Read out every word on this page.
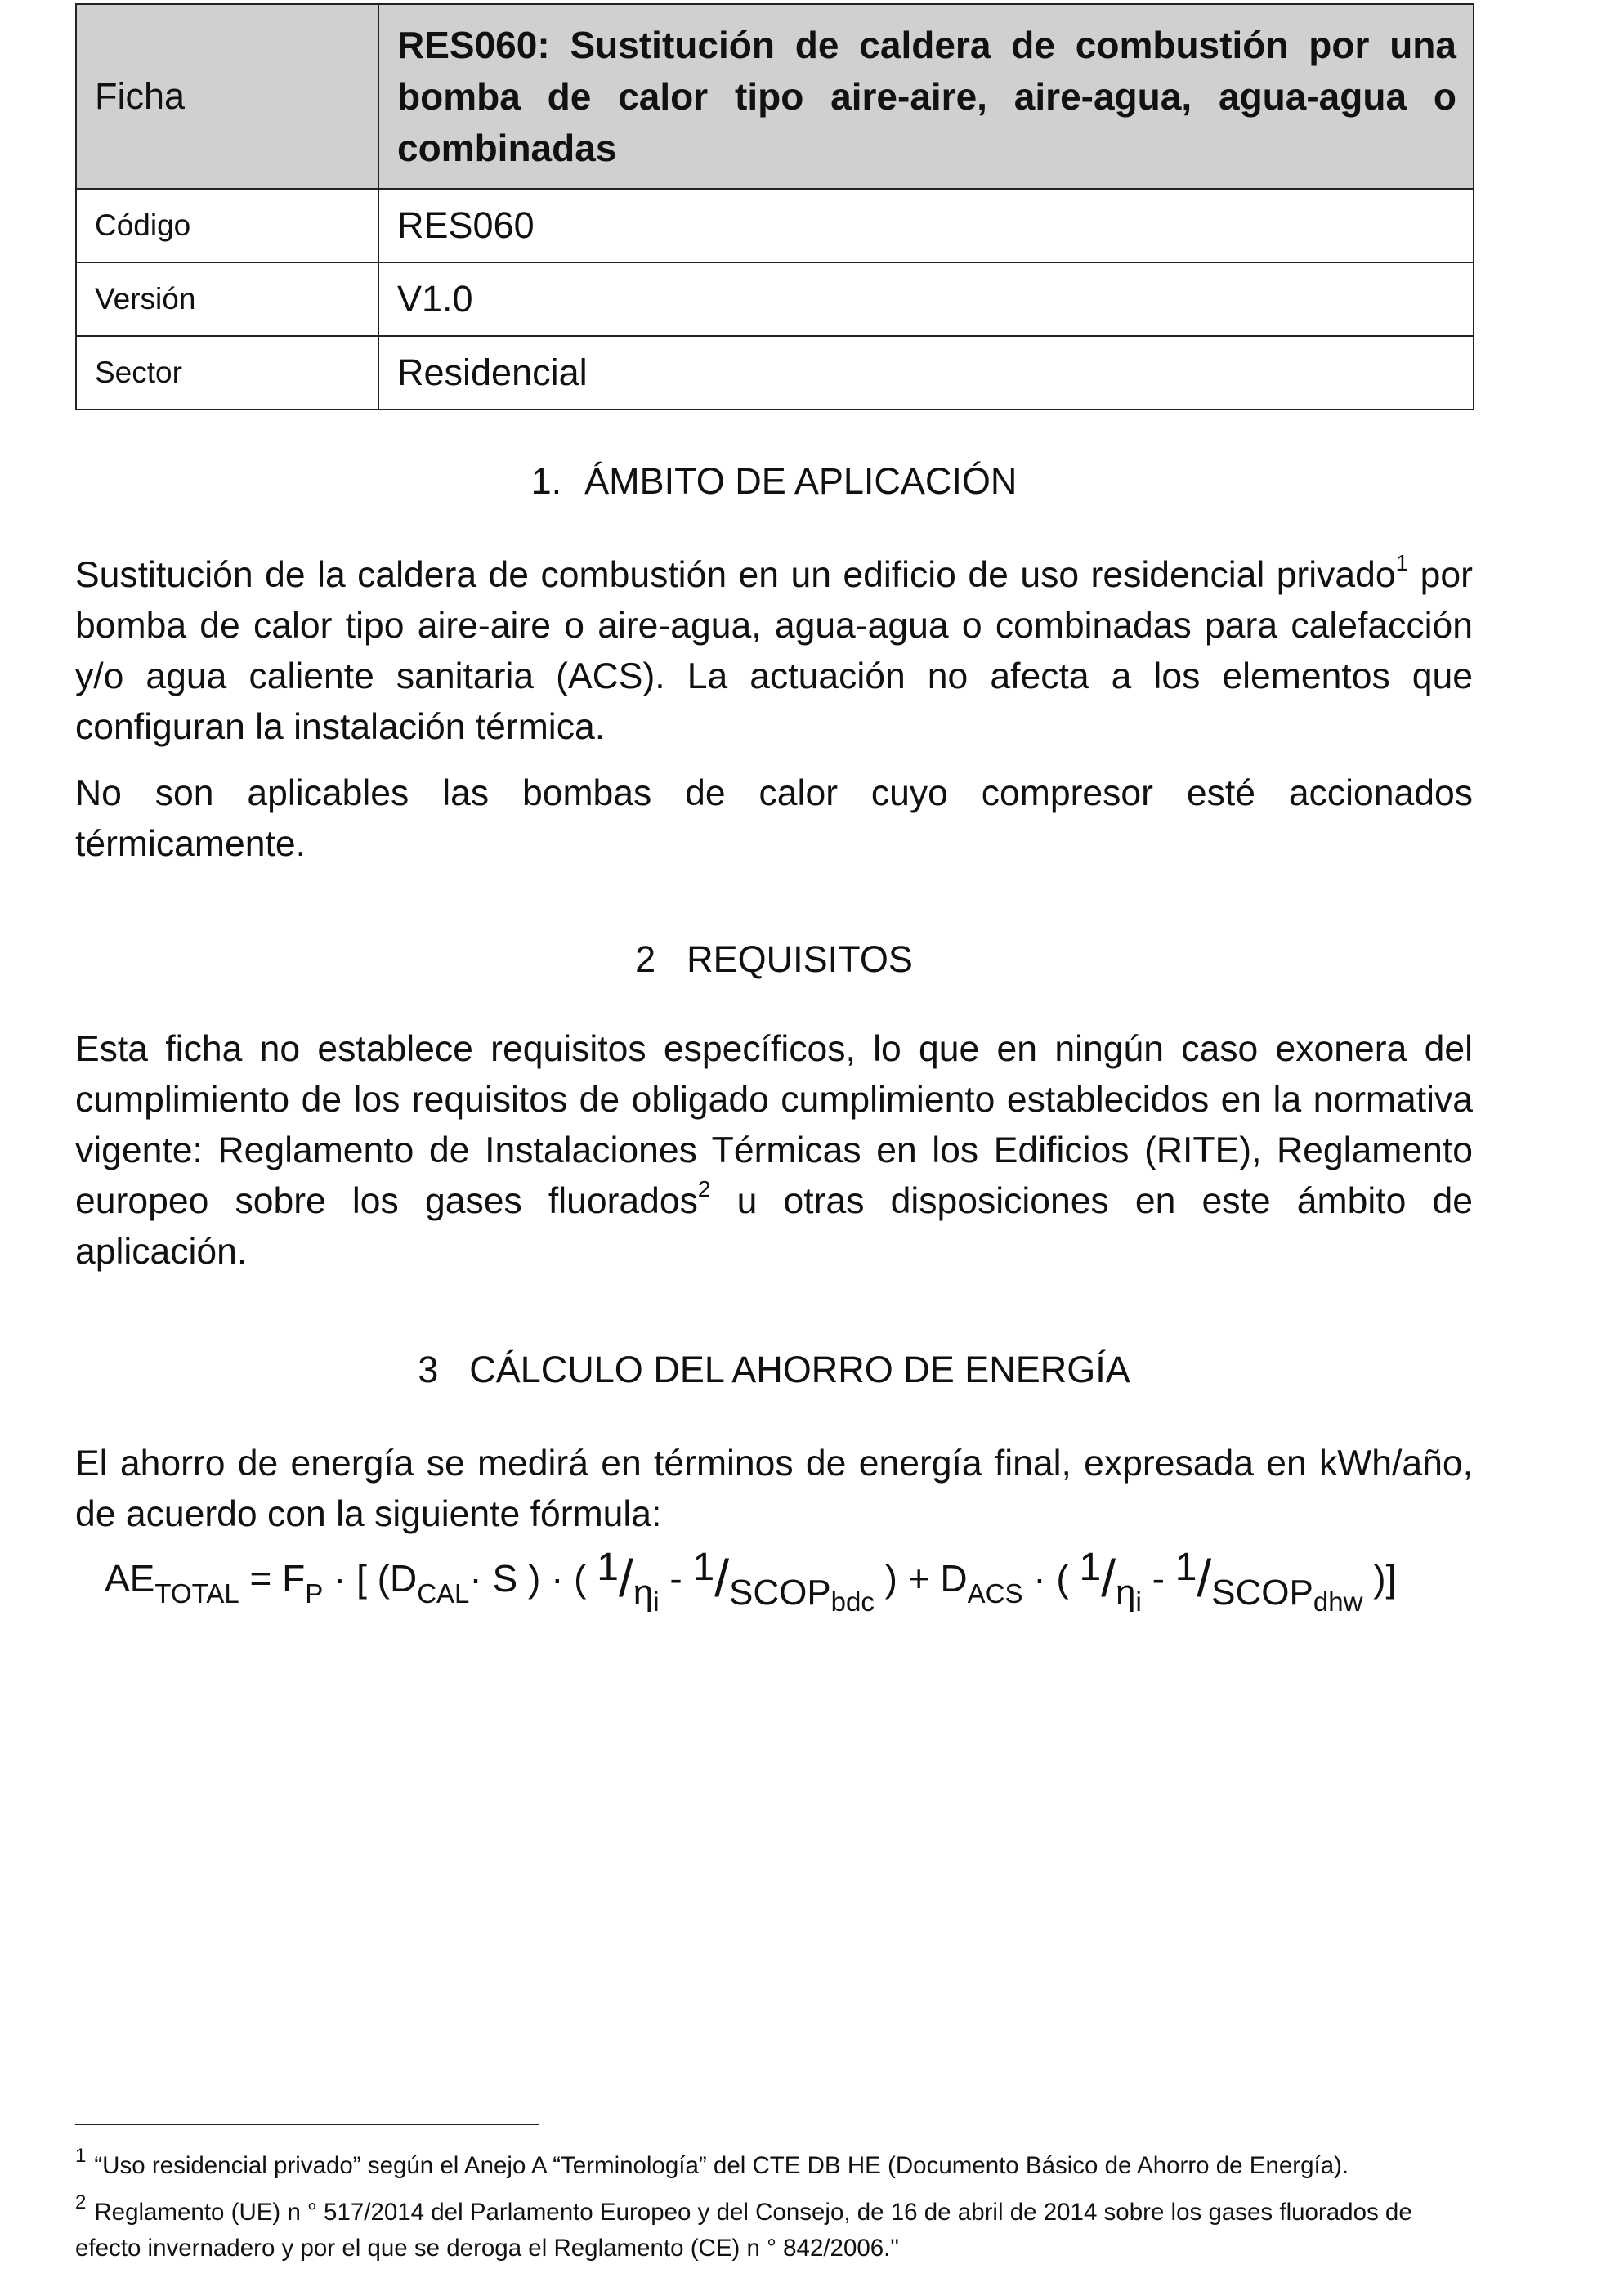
Ficha	RES060: Sustitución de caldera de combustión por una bomba de calor tipo aire-aire, aire-agua, agua-agua o combinadas
Código	RES060
Versión	V1.0
Sector	Residencial
1. ÁMBITO DE APLICACIÓN

Sustitución de la caldera de combustión en un edificio de uso residencial privado$^1$ por bomba de calor tipo aire-aire o aire-agua, agua-agua o combinadas para calefacción y/o agua caliente sanitaria (ACS). La actuación no afecta a los elementos que configuran la instalación térmica.

No son aplicables las bombas de calor cuyo compresor esté accionados térmicamente.

2 REQUISITOS

Esta ficha no establece requisitos específicos, lo que en ningún caso exonera del cumplimiento de los requisitos de obligado cumplimiento establecidos en la normativa vigente: Reglamento de Instalaciones Térmicas en los Edificios (RITE), Reglamento europeo sobre los gases fluorados$^2$ u otras disposiciones en este ámbito de aplicación.

3 CÁLCULO DEL AHORRO DE ENERGÍA

El ahorro de energía se medirá en términos de energía final, expresada en kWh/año, de acuerdo con la siguiente fórmula:

$AE_{TOTAL} = F_P$ · [ ($D_{CAL}\cdot S$ ) · ( $1/\eta_i$ - $1/SCOP_{bdc}$ ) + $D_{ACS}$ · ( $1/\eta_i$ - $1/SCOP_{dhw}$ )]

$^1$ “Uso residencial privado” según el Anejo A “Terminología” del CTE DB HE (Documento Básico de Ahorro de Energía).

$^2$ Reglamento (UE) n ° 517/2014 del Parlamento Europeo y del Consejo, de 16 de abril de 2014 sobre los gases fluorados de efecto invernadero y por el que se deroga el Reglamento (CE) n ° 842/2006."
